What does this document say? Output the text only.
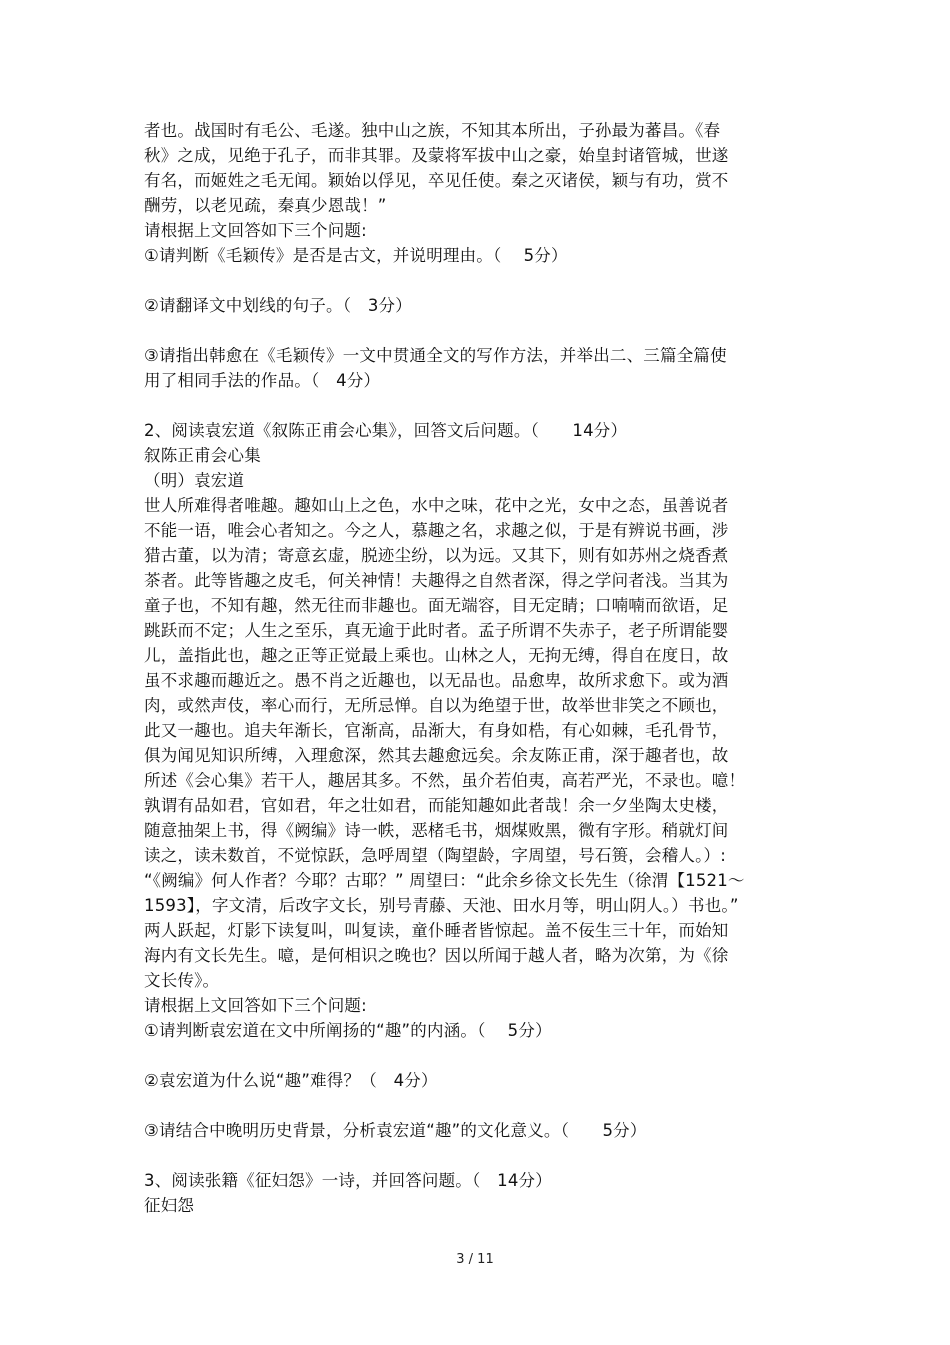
者也。战国时有毛公、毛遂。独中山之族，不知其本所出，子孙最为蕃昌。《春
秋》之成，见绝于孔子，而非其罪。及蒙将军拔中山之豪，始皇封诸管城，世遂
有名，而姬姓之毛无闻。颖始以俘见，卒见任使。秦之灭诸侯，颖与有功，赏不
酬劳，以老见疏，秦真少恩哉！”
请根据上文回答如下三个问题:
①请判断《毛颖传》是否是古文，并说明理由。（　 5分）
②请翻译文中划线的句子。（　3分）
③请指出韩愈在《毛颖传》一文中贯通全文的写作方法，并举出二、三篇全篇使
用了相同手法的作品。（　4分）
2、阅读袁宏道《叙陈正甫会心集》，回答文后问题。（　　14分）
叙陈正甫会心集
（明）袁宏道
世人所难得者唯趣。趣如山上之色，水中之味，花中之光，女中之态，虽善说者
不能一语，唯会心者知之。今之人，慕趣之名，求趣之似，于是有辨说书画，涉
猎古董，以为清；寄意玄虚，脱迹尘纷，以为远。又其下，则有如苏州之烧香煮
茶者。此等皆趣之皮毛，何关神情！夫趣得之自然者深，得之学问者浅。当其为
童子也，不知有趣，然无往而非趣也。面无端容，目无定睛；口喃喃而欲语，足
跳跃而不定；人生之至乐，真无逾于此时者。孟子所谓不失赤子，老子所谓能婴
儿，盖指此也，趣之正等正觉最上乘也。山林之人，无拘无缚，得自在度日，故
虽不求趣而趣近之。愚不肖之近趣也，以无品也。品愈卑，故所求愈下。或为酒
肉，或然声伎，率心而行，无所忌惮。自以为绝望于世，故举世非笑之不顾也，
此又一趣也。追夫年渐长，官渐高，品渐大，有身如梏，有心如棘，毛孔骨节，
俱为闻见知识所缚，入理愈深，然其去趣愈远矣。余友陈正甫，深于趣者也，故
所述《会心集》若干人，趣居其多。不然，虽介若伯夷，高若严光，不录也。噫！
孰谓有品如君，官如君，年之壮如君，而能知趣如此者哉！余一夕坐陶太史楼，
随意抽架上书，得《阙编》诗一帙，恶楮毛书，烟煤败黑，微有字形。稍就灯间
读之，读未数首，不觉惊跃，急呼周望（陶望龄，字周望，号石篑，会稽人。）:
“《阙编》何人作者？今耶？古耶？” 周望曰：“此余乡徐文长先生（徐渭【1521～
1593】，字文清，后改字文长，别号青藤、天池、田水月等，明山阴人。）书也。”
两人跃起，灯影下读复叫，叫复读，童仆睡者皆惊起。盖不佞生三十年，而始知
海内有文长先生。噫，是何相识之晚也？因以所闻于越人者，略为次第，为《徐
文长传》。
请根据上文回答如下三个问题:
①请判断袁宏道在文中所阐扬的“趣”的内涵。（　 5分）
②袁宏道为什么说“趣”难得？（　4分）
③请结合中晚明历史背景，分析袁宏道“趣”的文化意义。（　　5分）
3、阅读张籍《征妇怨》一诗，并回答问题。（　14分）
征妇怨
3 / 11
